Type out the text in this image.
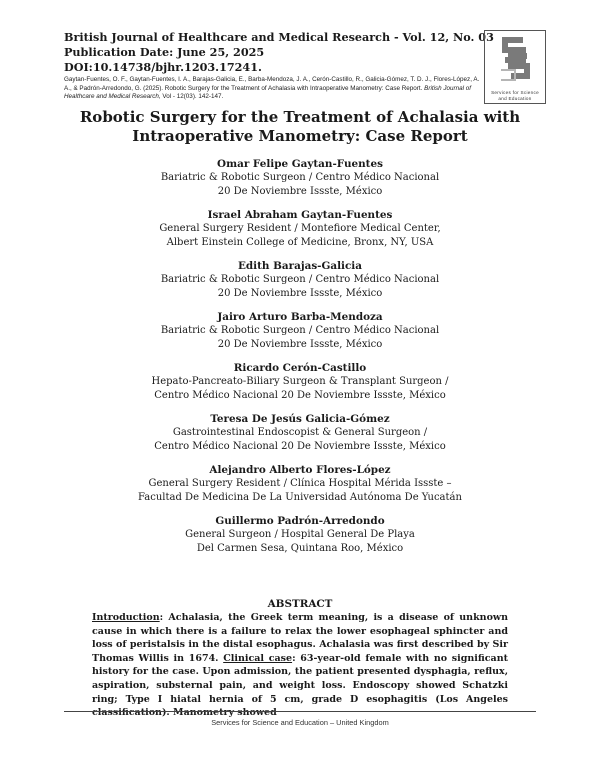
British Journal of Healthcare and Medical Research - Vol. 12, No. 03
Publication Date: June 25, 2025
DOI:10.14738/bjhr.1203.17241.
Gaytan-Fuentes, O. F., Gaytan-Fuentes, I. A., Barajas-Galicia, E., Barba-Mendoza, J. A., Cerón-Castillo, R., Galicia-Gómez, T. D. J., Flores-López, A. A., & Padrón-Arredondo, G. (2025). Robotic Surgery for the Treatment of Achalasia with Intraoperative Manometry: Case Report. British Journal of Healthcare and Medical Research, Vol - 12(03). 142-147.
Services for Science
and Education
Robotic Surgery for the Treatment of Achalasia with
Intraoperative Manometry: Case Report
Omar Felipe Gaytan-Fuentes
Bariatric & Robotic Surgeon / Centro Médico Nacional
20 De Noviembre Issste, México
Israel Abraham Gaytan-Fuentes
General Surgery Resident / Montefiore Medical Center,
Albert Einstein College of Medicine, Bronx, NY, USA
Edith Barajas-Galicia
Bariatric & Robotic Surgeon / Centro Médico Nacional
20 De Noviembre Issste, México
Jairo Arturo Barba-Mendoza
Bariatric & Robotic Surgeon / Centro Médico Nacional
20 De Noviembre Issste, México
Ricardo Cerón-Castillo
Hepato-Pancreato-Biliary Surgeon & Transplant Surgeon /
Centro Médico Nacional 20 De Noviembre Issste, México
Teresa De Jesús Galicia-Gómez
Gastrointestinal Endoscopist & General Surgeon /
Centro Médico Nacional 20 De Noviembre Issste, México
Alejandro Alberto Flores-López
General Surgery Resident / Clínica Hospital Mérida Issste –
Facultad De Medicina De La Universidad Autónoma De Yucatán
Guillermo Padrón-Arredondo
General Surgeon / Hospital General De Playa
Del Carmen Sesa, Quintana Roo, México
ABSTRACT
Introduction: Achalasia, the Greek term meaning, is a disease of unknown cause in which there is a failure to relax the lower esophageal sphincter and loss of peristalsis in the distal esophagus. Achalasia was first described by Sir Thomas Willis in 1674. Clinical case: 63-year-old female with no significant history for the case. Upon admission, the patient presented dysphagia, reflux, aspiration, substernal pain, and weight loss. Endoscopy showed Schatzki ring; Type I hiatal hernia of 5 cm, grade D esophagitis (Los Angeles classification). Manometry showed
Services for Science and Education – United Kingdom
